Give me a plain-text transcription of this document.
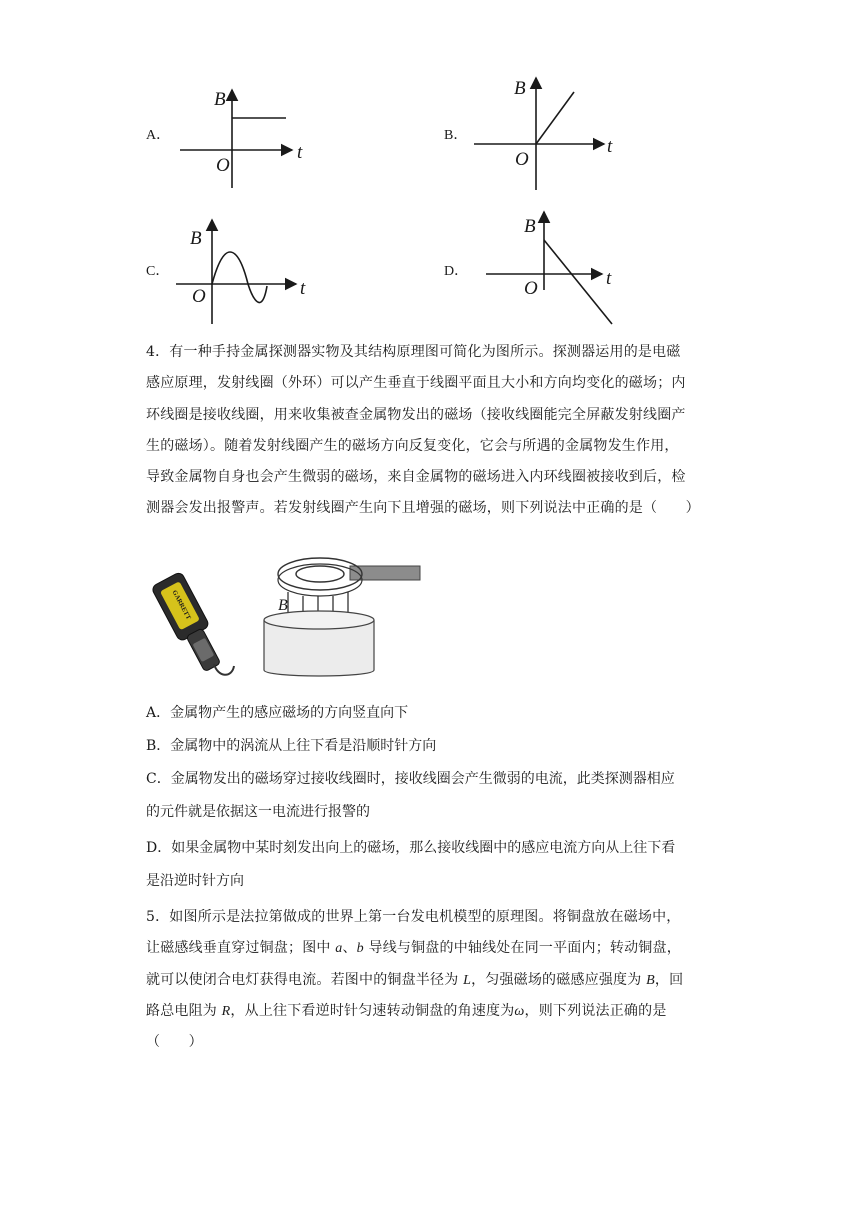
A．
B
t
O
B．
B
t
O
C．
B
t
O
D．
B
t
O
4．有一种手持金属探测器实物及其结构原理图可简化为图所示。探测器运用的是电磁
感应原理，发射线圈（外环）可以产生垂直于线圈平面且大小和方向均变化的磁场；内
环线圈是接收线圈，用来收集被查金属物发出的磁场（接收线圈能完全屏蔽发射线圈产
生的磁场）。随着发射线圈产生的磁场方向反复变化，它会与所遇的金属物发生作用，
导致金属物自身也会产生微弱的磁场，来自金属物的磁场进入内环线圈被接收到后，检
测器会发出报警声。若发射线圈产生向下且增强的磁场，则下列说法中正确的是（　　）
GARRETT	B
A．金属物产生的感应磁场的方向竖直向下
B．金属物中的涡流从上往下看是沿顺时针方向
C．金属物发出的磁场穿过接收线圈时，接收线圈会产生微弱的电流，此类探测器相应
的元件就是依据这一电流进行报警的
D．如果金属物中某时刻发出向上的磁场，那么接收线圈中的感应电流方向从上往下看
是沿逆时针方向
5．如图所示是法拉第做成的世界上第一台发电机模型的原理图。将铜盘放在磁场中，
让磁感线垂直穿过铜盘；图中 a、b 导线与铜盘的中轴线处在同一平面内；转动铜盘，
就可以使闭合电灯获得电流。若图中的铜盘半径为 L，匀强磁场的磁感应强度为 B，回
路总电阻为 R，从上往下看逆时针匀速转动铜盘的角速度为ω，则下列说法正确的是
（　　）
